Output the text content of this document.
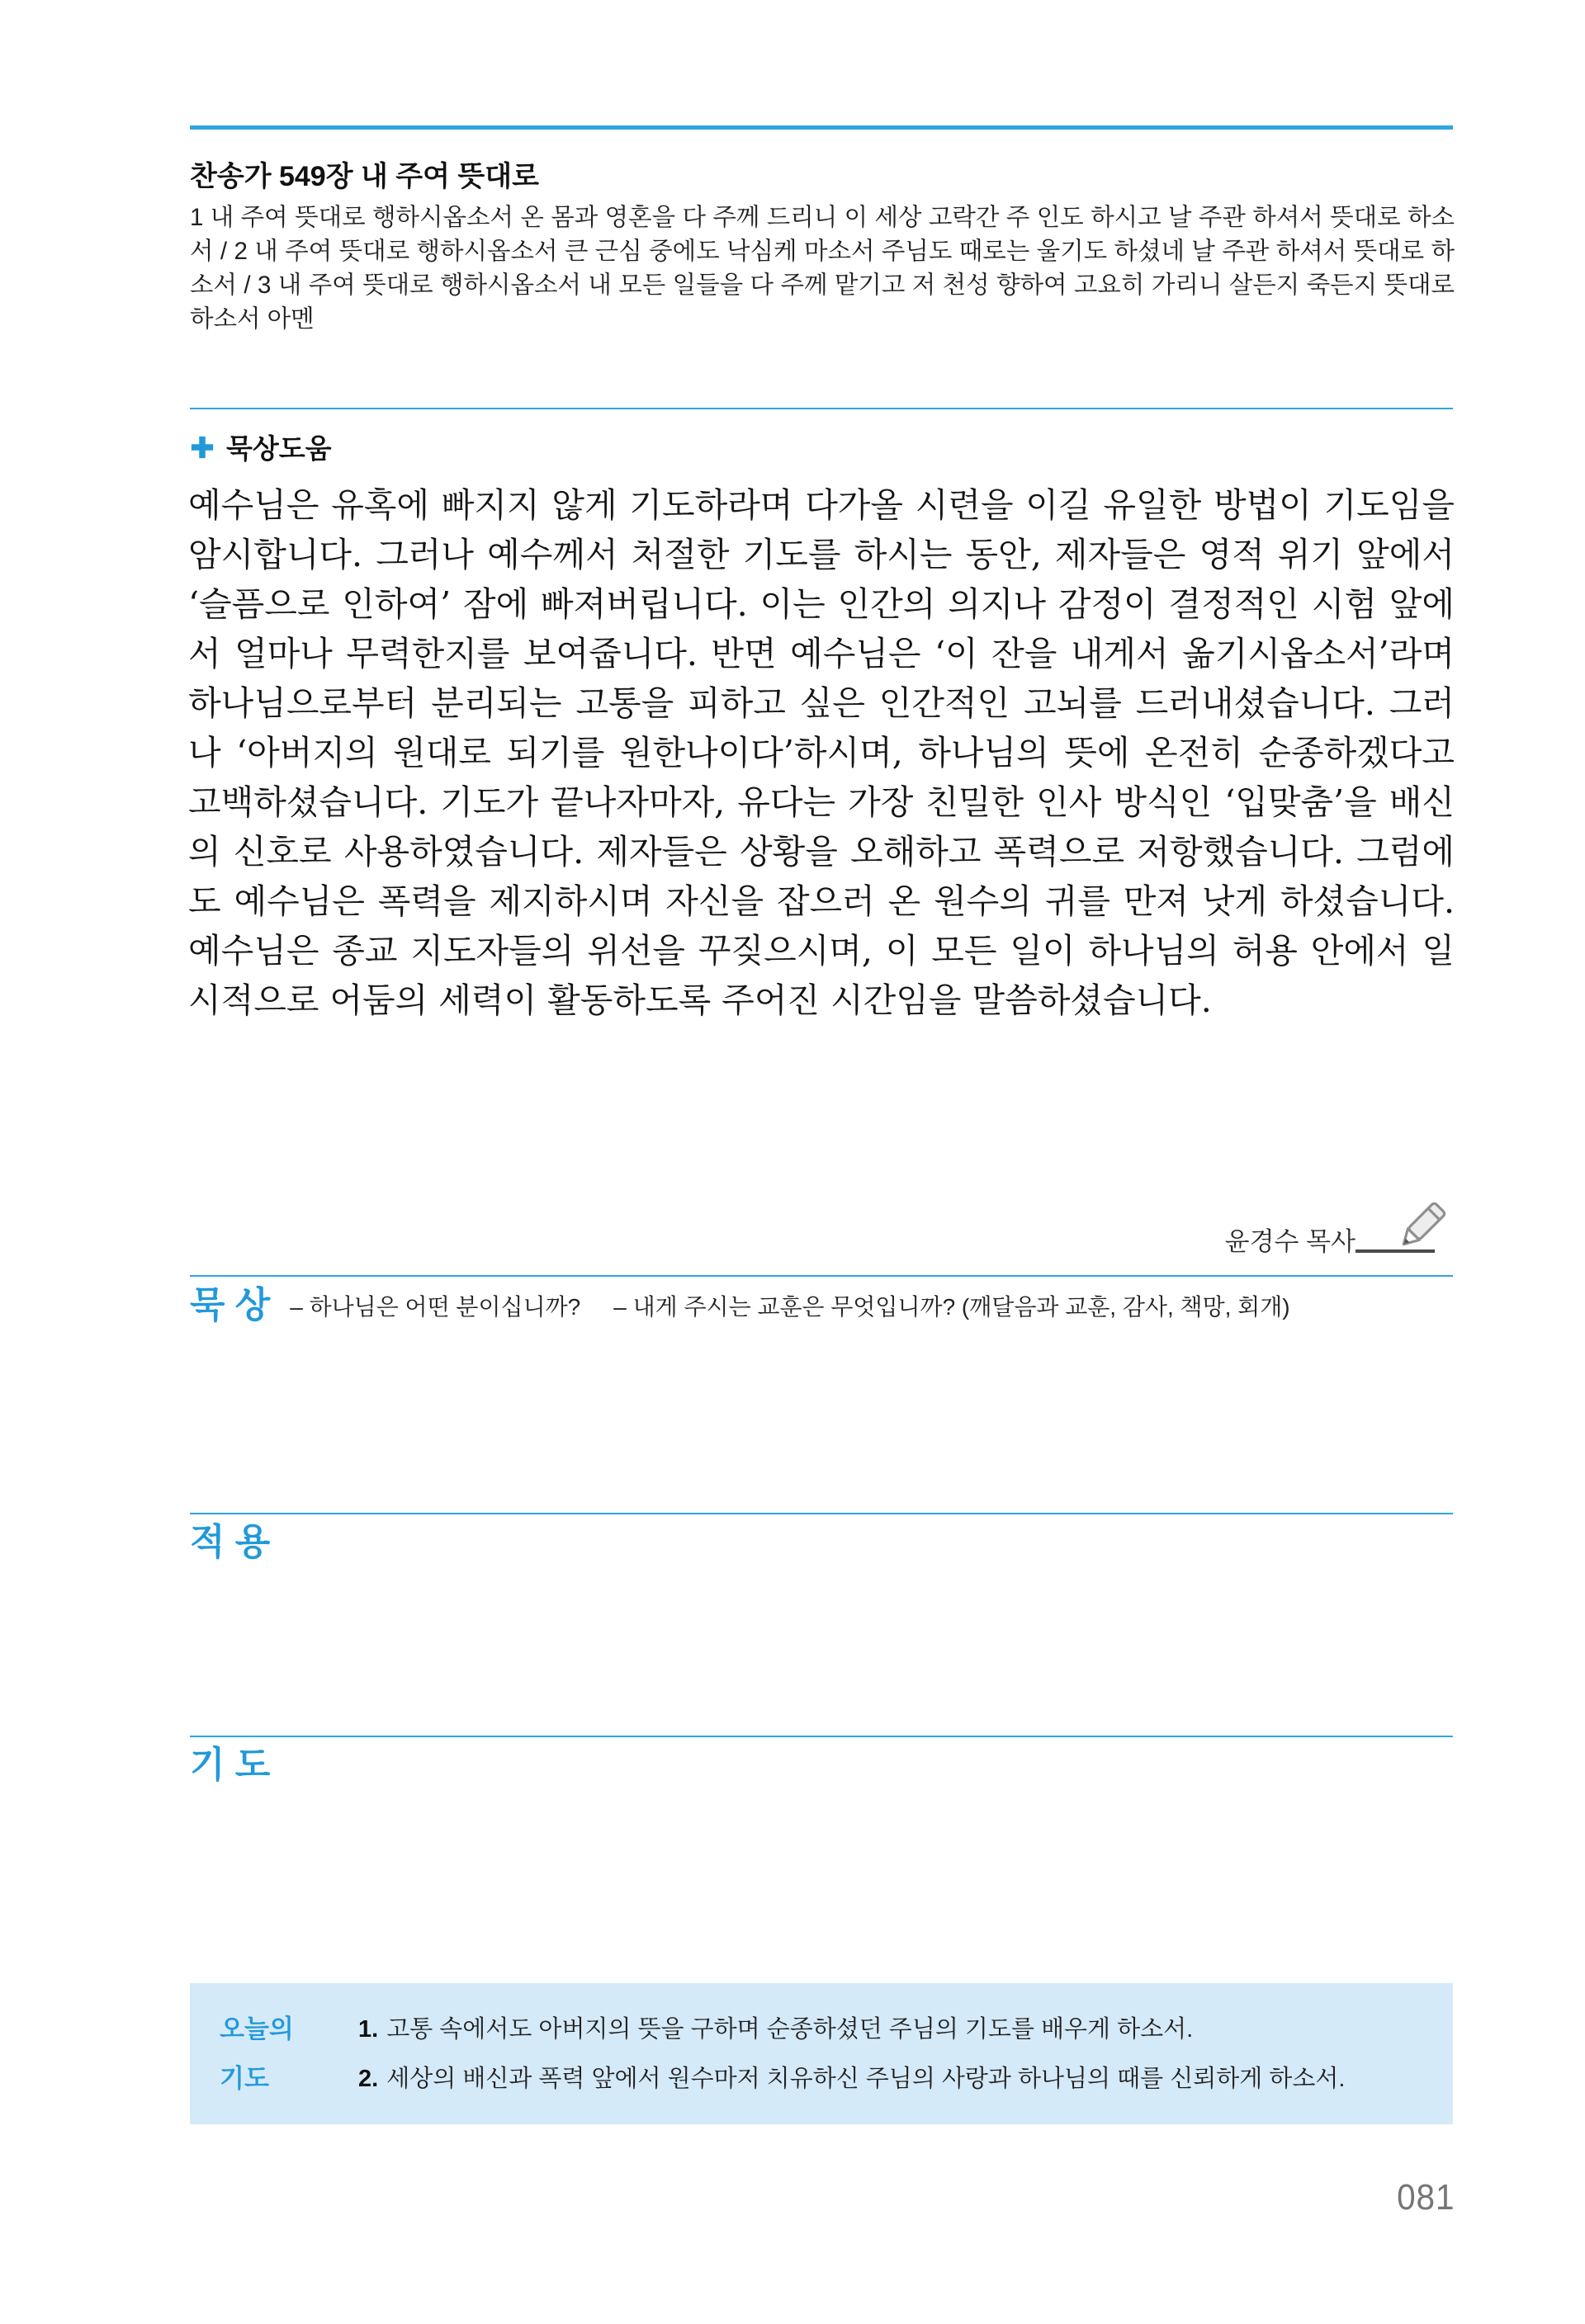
찬송가 549장 내 주여 뜻대로
1 내 주여 뜻대로 행하시옵소서 온 몸과 영혼을 다 주께 드리니 이 세상 고락간 주 인도 하시고 날 주관 하셔서 뜻대로 하소서 / 2 내 주여 뜻대로 행하시옵소서 큰 근심 중에도 낙심케 마소서 주님도 때로는 울기도 하셨네 날 주관 하셔서 뜻대로 하소서 / 3 내 주여 뜻대로 행하시옵소서 내 모든 일들을 다 주께 맡기고 저 천성 향하여 고요히 가리니 살든지 죽든지 뜻대로 하소서 아멘
묵상도움
예수님은 유혹에 빠지지 않게 기도하라며 다가올 시련을 이길 유일한 방법이 기도임을 암시합니다. 그러나 예수께서 처절한 기도를 하시는 동안, 제자들은 영적 위기 앞에서 ‘슬픔으로 인하여’ 잠에 빠져버립니다. 이는 인간의 의지나 감정이 결정적인 시험 앞에서 얼마나 무력한지를 보여줍니다. 반면 예수님은 ‘이 잔을 내게서 옮기시옵소서’라며 하나님으로부터 분리되는 고통을 피하고 싶은 인간적인 고뇌를 드러내셨습니다. 그러나 ‘아버지의 원대로 되기를 원한나이다’하시며, 하나님의 뜻에 온전히 순종하겠다고 고백하셨습니다. 기도가 끝나자마자, 유다는 가장 친밀한 인사 방식인 ‘입맞춤’을 배신의 신호로 사용하였습니다. 제자들은 상황을 오해하고 폭력으로 저항했습니다. 그럼에도 예수님은 폭력을 제지하시며 자신을 잡으러 온 원수의 귀를 만져 낫게 하셨습니다. 예수님은 종교 지도자들의 위선을 꾸짖으시며, 이 모든 일이 하나님의 허용 안에서 일시적으로 어둠의 세력이 활동하도록 주어진 시간임을 말씀하셨습니다.
윤경수 목사
묵 상 – 하나님은 어떤 분이십니까? – 내게 주시는 교훈은 무엇입니까? (깨달음과 교훈, 감사, 책망, 회개)
적 용
기 도
오늘의
기도
1. 고통 속에서도 아버지의 뜻을 구하며 순종하셨던 주님의 기도를 배우게 하소서.
2. 세상의 배신과 폭력 앞에서 원수마저 치유하신 주님의 사랑과 하나님의 때를 신뢰하게 하소서.
081
